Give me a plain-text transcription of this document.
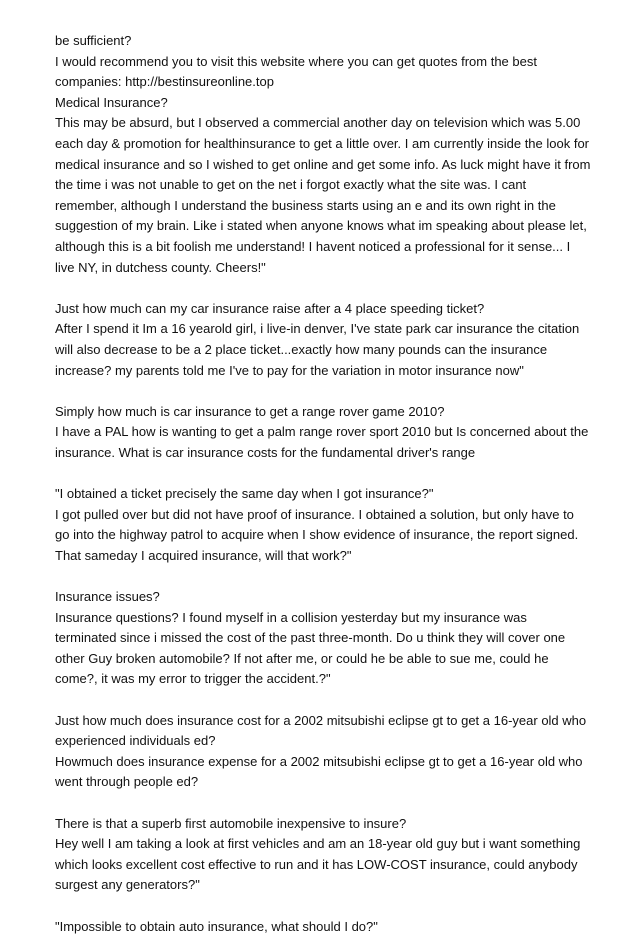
be sufficient?
I would recommend you to visit this website where you can get quotes from the best
companies: http://bestinsureonline.top
Medical Insurance?
This may be absurd, but I observed a commercial another day on television which was 5.00
each day & promotion for healthinsurance to get a little over. I am currently inside the look for
medical insurance and so I wished to get online and get some info. As luck might have it from
the time i was not unable to get on the net i forgot exactly what the site was. I cant
remember, although I understand the business starts using an e and its own right in the
suggestion of my brain. Like i stated when anyone knows what im speaking about please let,
although this is a bit foolish me understand! I havent noticed a professional for it sense... I
live NY, in dutchess county. Cheers!"
Just how much can my car insurance raise after a 4 place speeding ticket?
After I spend it Im a 16 yearold girl, i live-in denver, I've state park car insurance the citation
will also decrease to be a 2 place ticket...exactly how many pounds can the insurance
increase? my parents told me I've to pay for the variation in motor insurance now"
Simply how much is car insurance to get a range rover game 2010?
I have a PAL how is wanting to get a palm range rover sport 2010 but Is concerned about the
insurance. What is car insurance costs for the fundamental driver's range
"I obtained a ticket precisely the same day when I got insurance?"
I got pulled over but did not have proof of insurance. I obtained a solution, but only have to
go into the highway patrol to acquire when I show evidence of insurance, the report signed.
That sameday I acquired insurance, will that work?"
Insurance issues?
Insurance questions? I found myself in a collision yesterday but my insurance was
terminated since i missed the cost of the past three-month. Do u think they will cover one
other Guy broken automobile? If not after me, or could he be able to sue me, could he
come?, it was my error to trigger the accident.?"
Just how much does insurance cost for a 2002 mitsubishi eclipse gt to get a 16-year old who
experienced individuals ed?
Howmuch does insurance expense for a 2002 mitsubishi eclipse gt to get a 16-year old who
went through people ed?
There is that a superb first automobile inexpensive to insure?
Hey well I am taking a look at first vehicles and am an 18-year old guy but i want something
which looks excellent cost effective to run and it has LOW-COST insurance, could anybody
surgest any generators?"
"Impossible to obtain auto insurance, what should I do?"
